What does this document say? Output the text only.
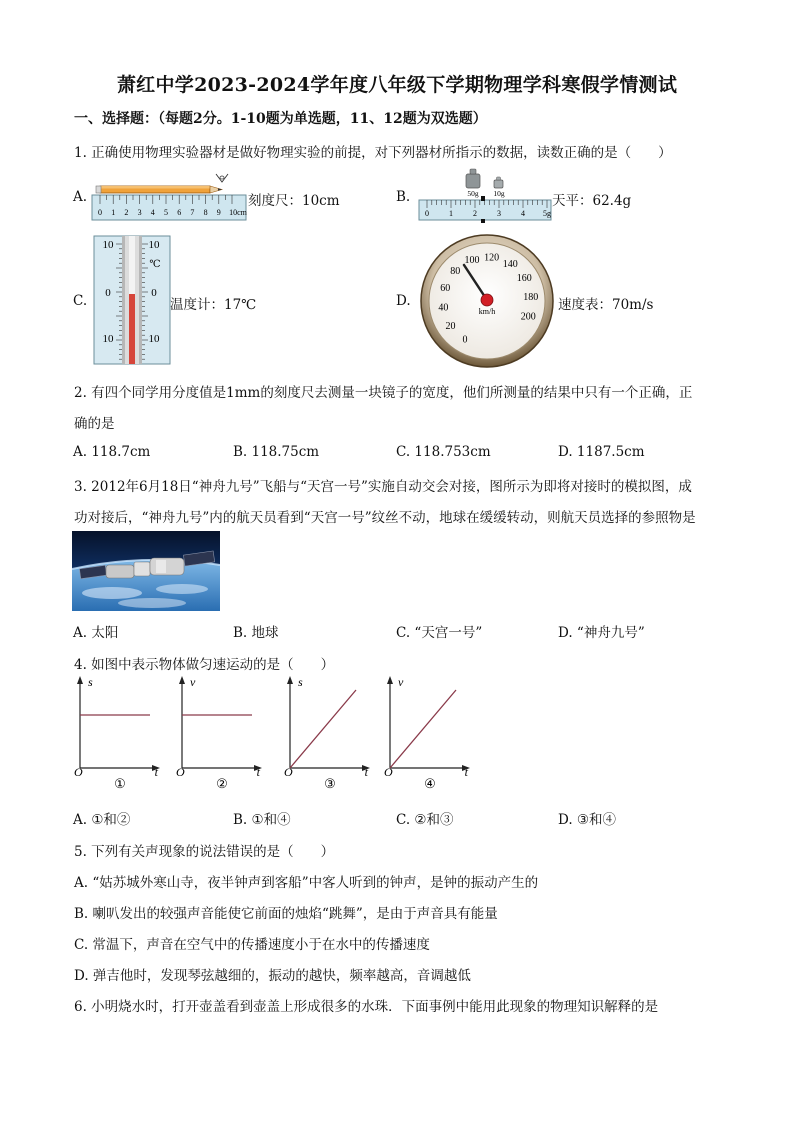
萧红中学2023-2024学年度八年级下学期物理学科寒假学情测试
一、选择题：（每题2分。1-10题为单选题，11、12题为双选题）
1. 正确使用物理实验器材是做好物理实验的前提，对下列器材所指示的数据，读数正确的是（　　）
A.
0 1 2 3 4 5 6 7 8 9 10cm
刻度尺：10cm	B.	50g 10g
0	1	2	3	4 5g
天平：62.4g
C.
10
0
10
10
℃
0
10
温度计：17℃	D.
0
20
40
60
80
100 120
140
160
180
200
km/h	速度表：70m/s
2. 有四个同学用分度值是1mm的刻度尺去测量一块镜子的宽度，他们所测量的结果中只有一个正确，正
确的是
A. 118.7cm	B. 118.75cm	C. 118.753cm	D. 1187.5cm
3. 2012年6月18日“神舟九号”飞船与“天宫一号”实施自动交会对接，图所示为即将对接时的模拟图，成
功对接后，“神舟九号”内的航天员看到“天宫一号”纹丝不动，地球在缓缓转动，则航天员选择的参照物是
A. 太阳	B. 地球	C. “天宫一号”	D. “神舟九号”
4. 如图中表示物体做匀速运动的是（　　）
s
t
O
①
v
t
O
②
s
t
O
③
v
t
O
④
A. ①和②	B. ①和④	C. ②和③	D. ③和④
5. 下列有关声现象的说法错误的是（　　）
A. “姑苏城外寒山寺，夜半钟声到客船”中客人听到的钟声，是钟的振动产生的
B. 喇叭发出的较强声音能使它前面的烛焰“跳舞”，是由于声音具有能量
C. 常温下，声音在空气中的传播速度小于在水中的传播速度
D. 弹吉他时，发现琴弦越细的，振动的越快，频率越高，音调越低
6. 小明烧水时，打开壶盖看到壶盖上形成很多的水珠．下面事例中能用此现象的物理知识解释的是
